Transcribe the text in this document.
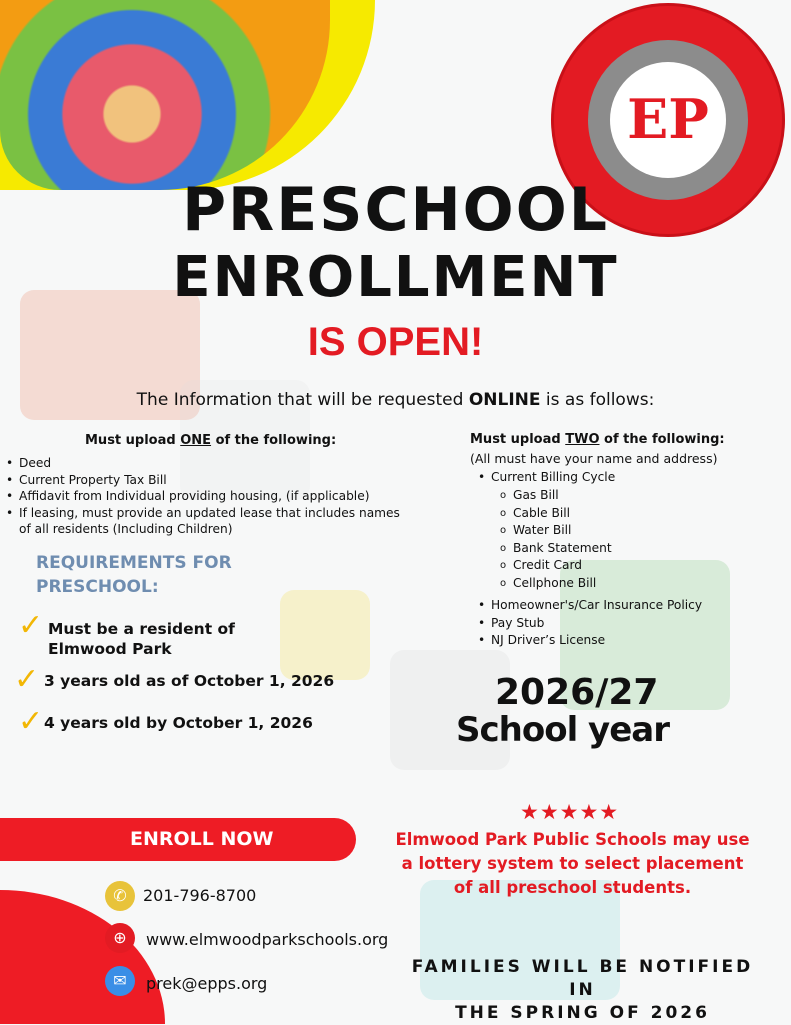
EP
PRESCHOOL
ENROLLMENT
IS OPEN!
The Information that will be requested ONLINE is as follows:
Must upload ONE of the following:
• Deed
• Current Property Tax Bill
• Affidavit from Individual providing housing, (if applicable)
• If leasing, must provide an updated lease that includes names of all residents (Including Children)
Must upload TWO of the following:
(All must have your name and address)
• Current Billing Cycle
o Gas Bill
o Cable Bill
o Water Bill
o Bank Statement
o Credit Card
o Cellphone Bill
• Homeowner's/Car Insurance Policy
• Pay Stub
• NJ Driver’s License
REQUIREMENTS FOR PRESCHOOL:
✓ Must be a resident of Elmwood Park
✓ 3 years old as of October 1, 2026
✓ 4 years old by October 1, 2026
2026/27
School year
ENROLL NOW
★★★★★
Elmwood Park Public Schools may use a lottery system to select placement of all preschool students.
✆	201-796-8700
⊕	www.elmwoodparkschools.org
✉	prek@epps.org
FAMILIES WILL BE NOTIFIED IN
THE SPRING OF 2026
